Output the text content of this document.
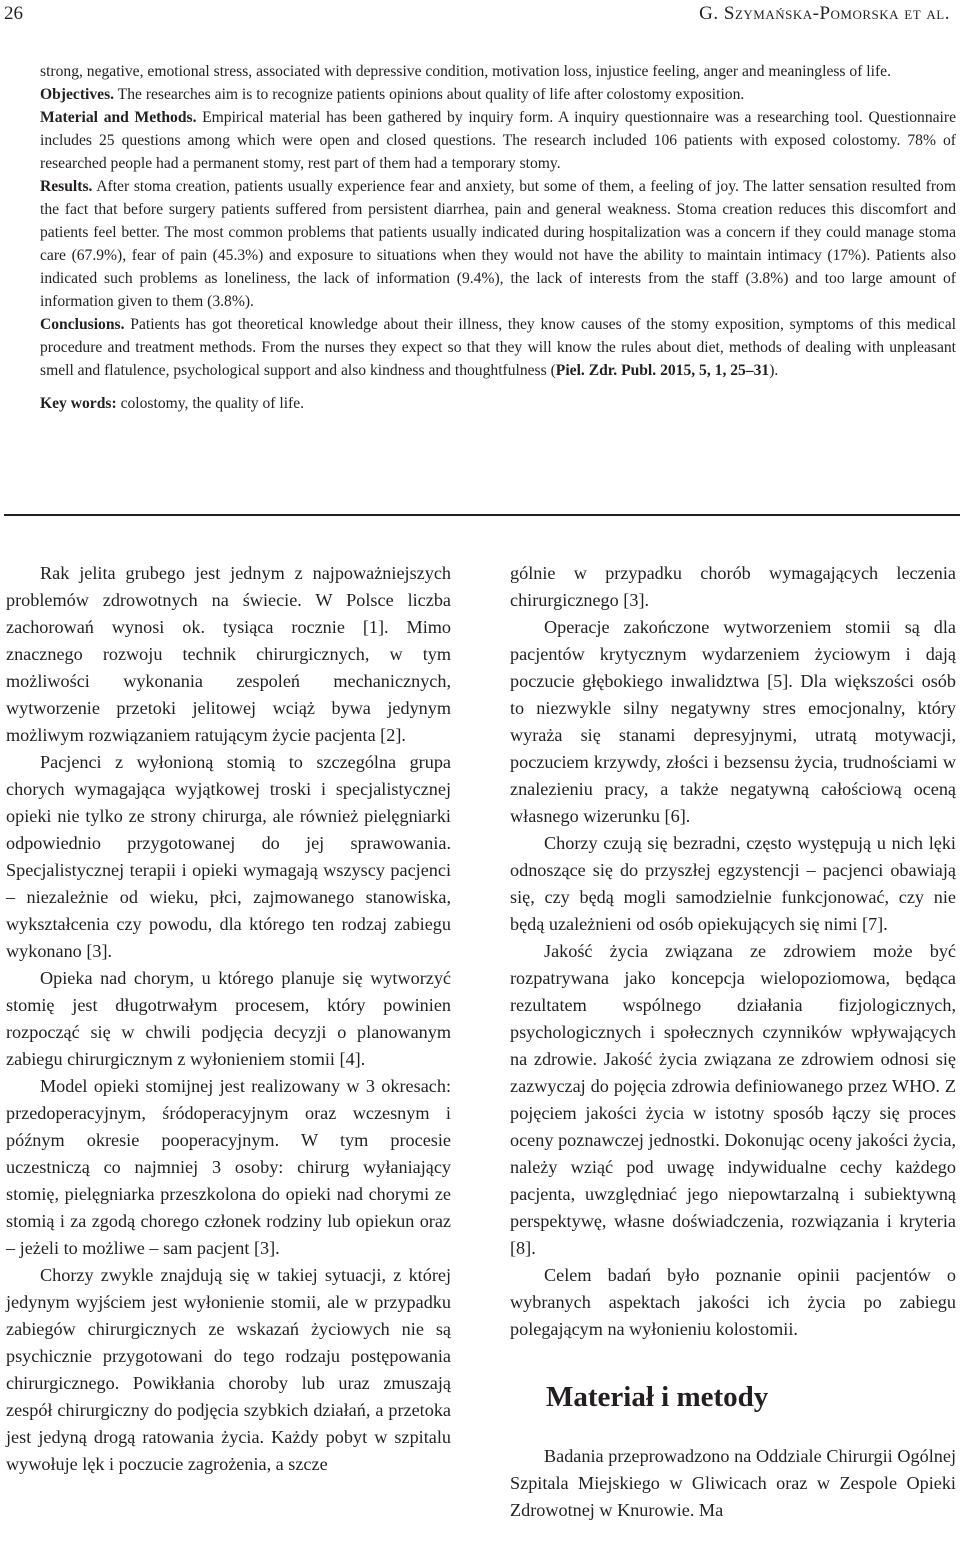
26	G. Szymańska-Pomorska et al.

strong, negative, emotional stress, associated with depressive condition, motivation loss, injustice feeling, anger and meaningless of life.

Objectives. The researches aim is to recognize patients opinions about quality of life after colostomy exposition.

Material and Methods. Empirical material has been gathered by inquiry form. A inquiry questionnaire was a researching tool. Questionnaire includes 25 questions among which were open and closed questions. The research included 106 patients with exposed colostomy. 78% of researched people had a permanent stomy, rest part of them had a temporary stomy.

Results. After stoma creation, patients usually experience fear and anxiety, but some of them, a feeling of joy. The latter sensation resulted from the fact that before surgery patients suffered from persistent diarrhea, pain and general weakness. Stoma creation reduces this discomfort and patients feel better. The most common problems that patients usually indicated during hospitalization was a concern if they could manage stoma care (67.9%), fear of pain (45.3%) and exposure to situations when they would not have the ability to maintain intimacy (17%). Patients also indicated such problems as loneliness, the lack of information (9.4%), the lack of interests from the staff (3.8%) and too large amount of information given to them (3.8%).

Conclusions. Patients has got theoretical knowledge about their illness, they know causes of the stomy exposition, symptoms of this medical procedure and treatment methods. From the nurses they expect so that they will know the rules about diet, methods of dealing with unpleasant smell and flatulence, psychological support and also kindness and thoughtfulness (Piel. Zdr. Publ. 2015, 5, 1, 25–31).

Key words: colostomy, the quality of life.

Rak jelita grubego jest jednym z najpoważniejszych problemów zdrowotnych na świecie. W Polsce liczba zachorowań wynosi ok. tysiąca rocznie [1]. Mimo znacznego rozwoju technik chirurgicznych, w tym możliwości wykonania zespoleń mechanicznych, wytworzenie przetoki jelitowej wciąż bywa jedynym możliwym rozwiązaniem ratującym życie pacjenta [2].

Pacjenci z wyłonioną stomią to szczególna grupa chorych wymagająca wyjątkowej troski i specjalistycznej opieki nie tylko ze strony chirurga, ale również pielęgniarki odpowiednio przygotowanej do jej sprawowania. Specjalistycznej terapii i opieki wymagają wszyscy pacjenci – niezależnie od wieku, płci, zajmowanego stanowiska, wykształcenia czy powodu, dla którego ten rodzaj zabiegu wykonano [3].

Opieka nad chorym, u którego planuje się wytworzyć stomię jest długotrwałym procesem, który powinien rozpocząć się w chwili podjęcia decyzji o planowanym zabiegu chirurgicznym z wyłonieniem stomii [4].

Model opieki stomijnej jest realizowany w 3 okresach: przedoperacyjnym, śródoperacyjnym oraz wczesnym i późnym okresie pooperacyjnym. W tym procesie uczestniczą co najmniej 3 osoby: chirurg wyłaniający stomię, pielęgniarka przeszkolona do opieki nad chorymi ze stomią i za zgodą chorego członek rodziny lub opiekun oraz – jeżeli to możliwe – sam pacjent [3].

Chorzy zwykle znajdują się w takiej sytuacji, z której jedynym wyjściem jest wyłonienie stomii, ale w przypadku zabiegów chirurgicznych ze wskazań życiowych nie są psychicznie przygotowani do tego rodzaju postępowania chirurgicznego. Powikłania choroby lub uraz zmuszają zespół chirurgiczny do podjęcia szybkich działań, a przetoka jest jedyną drogą ratowania życia. Każdy pobyt w szpitalu wywołuje lęk i poczucie zagrożenia, a szcze

gólnie w przypadku chorób wymagających leczenia chirurgicznego [3].

Operacje zakończone wytworzeniem stomii są dla pacjentów krytycznym wydarzeniem życiowym i dają poczucie głębokiego inwalidztwa [5]. Dla większości osób to niezwykle silny negatywny stres emocjonalny, który wyraża się stanami depresyjnymi, utratą motywacji, poczuciem krzywdy, złości i bezsensu życia, trudnościami w znalezieniu pracy, a także negatywną całościową oceną własnego wizerunku [6].

Chorzy czują się bezradni, często występują u nich lęki odnoszące się do przyszłej egzystencji – pacjenci obawiają się, czy będą mogli samodzielnie funkcjonować, czy nie będą uzależnieni od osób opiekujących się nimi [7].

Jakość życia związana ze zdrowiem może być rozpatrywana jako koncepcja wielopoziomowa, będąca rezultatem wspólnego działania fizjologicznych, psychologicznych i społecznych czynników wpływających na zdrowie. Jakość życia związana ze zdrowiem odnosi się zazwyczaj do pojęcia zdrowia definiowanego przez WHO. Z pojęciem jakości życia w istotny sposób łączy się proces oceny poznawczej jednostki. Dokonując oceny jakości życia, należy wziąć pod uwagę indywidualne cechy każdego pacjenta, uwzględniać jego niepowtarzalną i subiektywną perspektywę, własne doświadczenia, rozwiązania i kryteria [8].

Celem badań było poznanie opinii pacjentów o wybranych aspektach jakości ich życia po zabiegu polegającym na wyłonieniu kolostomii.

Materiał i metody

Badania przeprowadzono na Oddziale Chirurgii Ogólnej Szpitala Miejskiego w Gliwicach oraz w Zespole Opieki Zdrowotnej w Knurowie. Ma
